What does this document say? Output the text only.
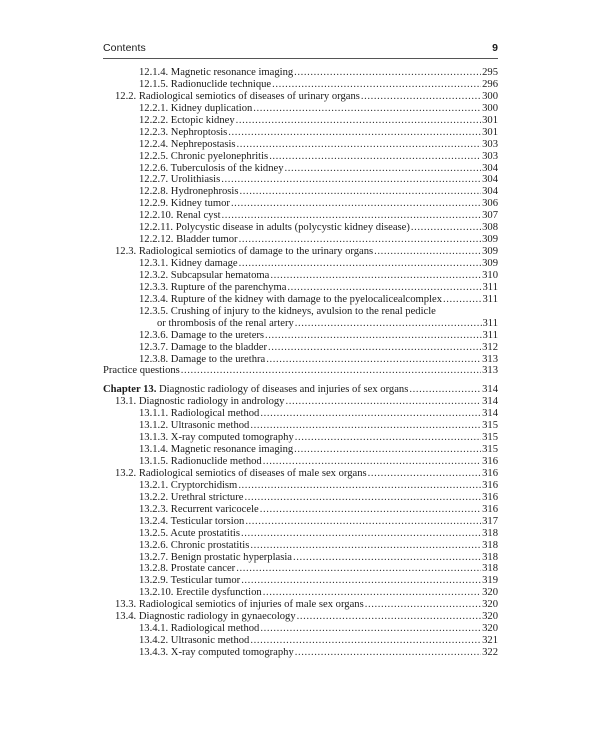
Contents	9
12.1.4. Magnetic resonance imaging .....	295
12.1.5. Radionuclide technique .....	296
12.2. Radiological semiotics of diseases of urinary organs .....	300
12.2.1. Kidney duplication .....	300
12.2.2. Ectopic kidney .....	301
12.2.3. Nephroptosis .....	301
12.2.4. Nephrepostasis .....	303
12.2.5. Chronic pyelonephritis .....	303
12.2.6. Tuberculosis of the kidney .....	304
12.2.7. Urolithiasis .....	304
12.2.8. Hydronephrosis .....	304
12.2.9. Kidney tumor .....	306
12.2.10. Renal cyst .....	307
12.2.11. Polycystic disease in adults (polycystic kidney disease) .....	308
12.2.12. Bladder tumor .....	309
12.3. Radiological semiotics of damage to the urinary organs .....	309
12.3.1. Kidney damage .....	309
12.3.2. Subcapsular hematoma .....	310
12.3.3. Rupture of the parenchyma .....	311
12.3.4. Rupture of the kidney with damage to the pyelocalicealcomplex .....	311
12.3.5. Crushing of injury to the kidneys, avulsion to the renal pedicle
or thrombosis of the renal artery .....	311
12.3.6. Damage to the ureters .....	311
12.3.7. Damage to the bladder .....	312
12.3.8. Damage to the urethra .....	313
Practice questions .....	313
Chapter 13. Diagnostic radiology of diseases and injuries of sex organs .....	314
13.1. Diagnostic radiology in andrology .....	314
13.1.1. Radiological method .....	314
13.1.2. Ultrasonic method .....	315
13.1.3. X-ray computed tomography .....	315
13.1.4. Magnetic resonance imaging .....	315
13.1.5. Radionuclide method .....	316
13.2. Radiological semiotics of diseases of male sex organs .....	316
13.2.1. Cryptorchidism .....	316
13.2.2. Urethral stricture .....	316
13.2.3. Recurrent varicocele .....	316
13.2.4. Testicular torsion .....	317
13.2.5. Acute prostatitis .....	318
13.2.6. Chronic prostatitis .....	318
13.2.7. Benign prostatic hyperplasia .....	318
13.2.8. Prostate cancer .....	318
13.2.9. Testicular tumor .....	319
13.2.10. Erectile dysfunction .....	320
13.3. Radiological semiotics of injuries of male sex organs .....	320
13.4. Diagnostic radiology in gynaecology .....	320
13.4.1. Radiological method .....	320
13.4.2. Ultrasonic method .....	321
13.4.3. X-ray computed tomography .....	322
